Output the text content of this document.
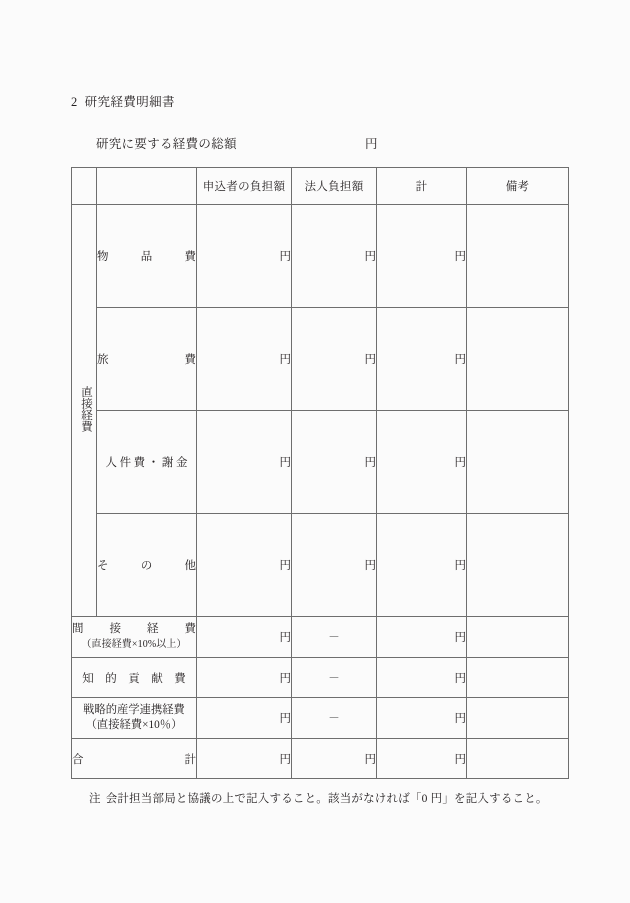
2 研究経費明細書
研究に要する経費の総額	円
		申込者の負担額	法人負担額	計	備考
直接経費	物 品 費	円	円	円	

	旅 費	円	円	円	

	人件費・謝金	円	円	円	

	そ の 他	円	円	円	

間 接 経 費
（直接経費×10%以上）		円	－	円	
知　的　貢　献　費		円	－	円	

戦略的産学連携経費
（直接経費×10％）		円	－	円	

合 計		円	円	円	
注 会計担当部局と協議の上で記入すること。該当がなければ「0 円」を記入すること。
